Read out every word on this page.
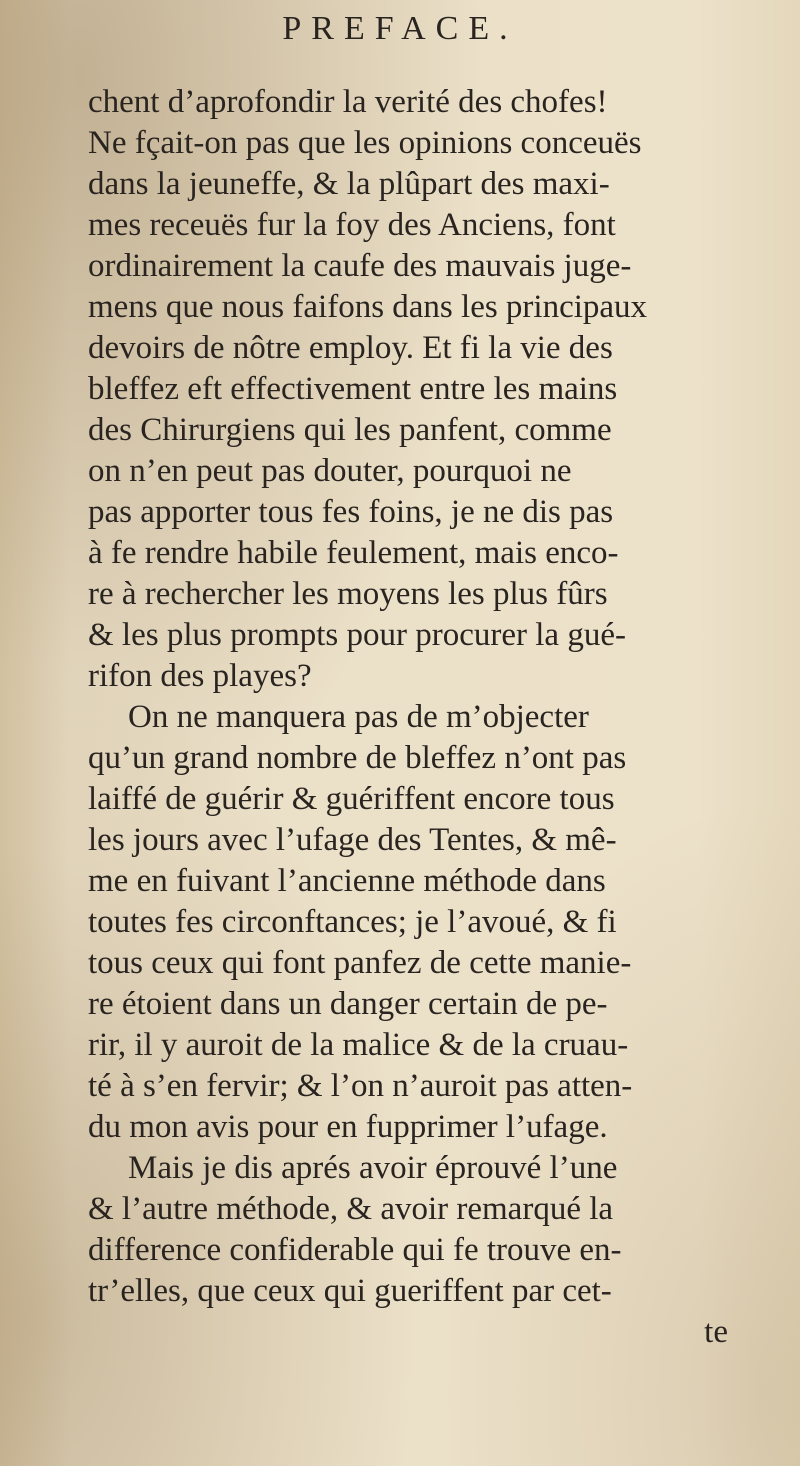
PREFACE.
chent d’aprofondir la verité des chofes!
Ne fçait-on pas que les opinions conceuës
dans la jeuneffe, & la plûpart des maxi-
mes receuës fur la foy des Anciens, font
ordinairement la caufe des mauvais juge-
mens que nous faifons dans les principaux
devoirs de nôtre employ. Et fi la vie des
bleffez eft effectivement entre les mains
des Chirurgiens qui les panfent, comme
on n’en peut pas douter, pourquoi ne
pas apporter tous fes foins, je ne dis pas
à fe rendre habile feulement, mais enco-
re à rechercher les moyens les plus fûrs
& les plus prompts pour procurer la gué-
rifon des playes?
On ne manquera pas de m’objecter
qu’un grand nombre de bleffez n’ont pas
laiffé de guérir & guériffent encore tous
les jours avec l’ufage des Tentes, & mê-
me en fuivant l’ancienne méthode dans
toutes fes circonftances; je l’avoué, & fi
tous ceux qui font panfez de cette manie-
re étoient dans un danger certain de pe-
rir, il y auroit de la malice & de la cruau-
té à s’en fervir; & l’on n’auroit pas atten-
du mon avis pour en fupprimer l’ufage.
Mais je dis aprés avoir éprouvé l’une
& l’autre méthode, & avoir remarqué la
difference confiderable qui fe trouve en-
tr’elles, que ceux qui gueriffent par cet-
te
